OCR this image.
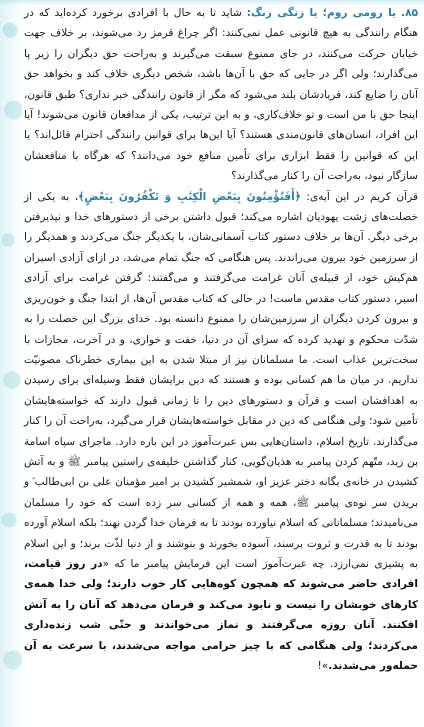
۸۵. یا رومی روم؛ یا زنگی زنگ: شاید تا به حال با افرادی برخورد کرده‌اید که در هنگام رانندگی به هیچ قانونی عمل نمی‌کنند: اگر چراغ قرمز رد می‌شوند، بر خلاف جهت خیابان حرکت می‌کنند، در جای ممنوع سبقت می‌گیرند و به‌راحت حق دیگران را زیر پا می‌گذارند؛ ولی اگر در جایی که حق با آن‌ها باشد، شخص دیگری خلاف کند و بخواهد حق آنان را ضایع کند، فریادشان بلند می‌شود که مگر از قانون رانندگی خبر نداری؟ طبق قانون، اینجا حق با من است و تو خلاف‌کاری، و به این ترتیب، یکی از مدافعان قانون می‌شوند! آیا این افراد، انسان‌های قانون‌مندی هستند؟ آیا این‌ها برای قوانین رانندگی احترام قائل‌اند؟ یا این که قوانین را فقط ابزاری برای تأمین منافع خود می‌دانند؟ که هرگاه با منافعشان سازگار نبود، به‌راحت آن را کنار می‌گذارند؟

قرآن کریم در این آیه‌ی: ﴿أَفَتُؤْمِنُونَ بِبَعْضِ الْکِتَٰبِ وَ تَکْفُرُونَ بِبَعْضٍ﴾، به یکی از خصلت‌های زشت یهودیان اشاره می‌کند؛ قبول داشتن برخی از دستورهای خدا و نپذیرفتن برخی دیگر. آن‌ها بر خلاف دستور کتاب آسمانی‌شان، با یکدیگر جنگ می‌کردند و همدیگر را از سرزمین خود بیرون می‌راندند. پس هنگامی که جنگ تمام می‌شد، در ازای آزادی اسیران هم‌کیش خود، از قبیله‌ی آنان غرامت می‌گرفتند و می‌گفتند: گرفتن غرامت برای آزادی اسیر، دستور کتاب مقدس ماست! در حالی که کتاب مقدس آن‌ها، از ابتدا جنگ و خون‌ریزی و بیرون کردن دیگران از سرزمین‌شان را ممنوع دانسته بود. خدای بزرگ این خصلت را به شدّت محکوم و تهدید کرده که سزای آن در دنیا، خفت و خواری، و در آخرت، مجازات با سخت‌ترین عذاب است. ما مسلمانان نیز از مبتلا شدن به این بیماری خطرناک مصونیّت نداریم. در میان ما هم کسانی بوده و هستند که دین برایشان فقط وسیله‌ای برای رسیدن به اهدافشان است و قرآن و دستورهای دین را تا زمانی قبول دارند که خواسته‌هایشان تأمین شود؛ ولی هنگامی که دین در مقابل خواسته‌هایشان قرار می‌گیرد، به‌راحت آن را کنار می‌گذارند. تاریخ اسلام، داستان‌هایی بس عبرت‌آموز در این باره دارد. ماجرای سپاه اسامة بن زید، متّهم کردن پیامبر به هذیان‌گویی، کنار گذاشتن خلیفه‌ی راستین پیامبر ﷺ و به آتش کشیدن در خانه‌ی یگانه دختر عزیز او، شمشیر کشیدن بر امیر مؤمنان علی بن ابی‌طالب ؑ و بریدن سر نوه‌ی پیامبر ﷺ، همه و همه از کسانی سر زده است که خود را مسلمان می‌نامیدند؛ مسلمانانی که اسلام نیاورده بودند تا به فرمان خدا گردن نهند؛ بلکه اسلام آورده بودند تا به قدرت و ثروت برسند، آسوده بخورند و بنوشند و از دنیا لذّت برند؛ و این اسلام به پشیزی نمی‌ارزد. چه عبرت‌آموز است این فرمایش پیامبر ما که «در روز قیامت، افرادی حاضر می‌شوند که همچون کوه‌هایی کار خوب دارند؛ ولی خدا همه‌ی کارهای خوبشان را نیست و نابود می‌کند و فرمان می‌دهد که آنان را به آتش افکنند. آنان روزه می‌گرفتند و نماز می‌خواندند و حتّی شب زنده‌داری می‌کردند؛ ولی هنگامی که با چیز حرامی مواجه می‌شدند، با سرعت به آن حمله‌ور می‌شدند.»!
